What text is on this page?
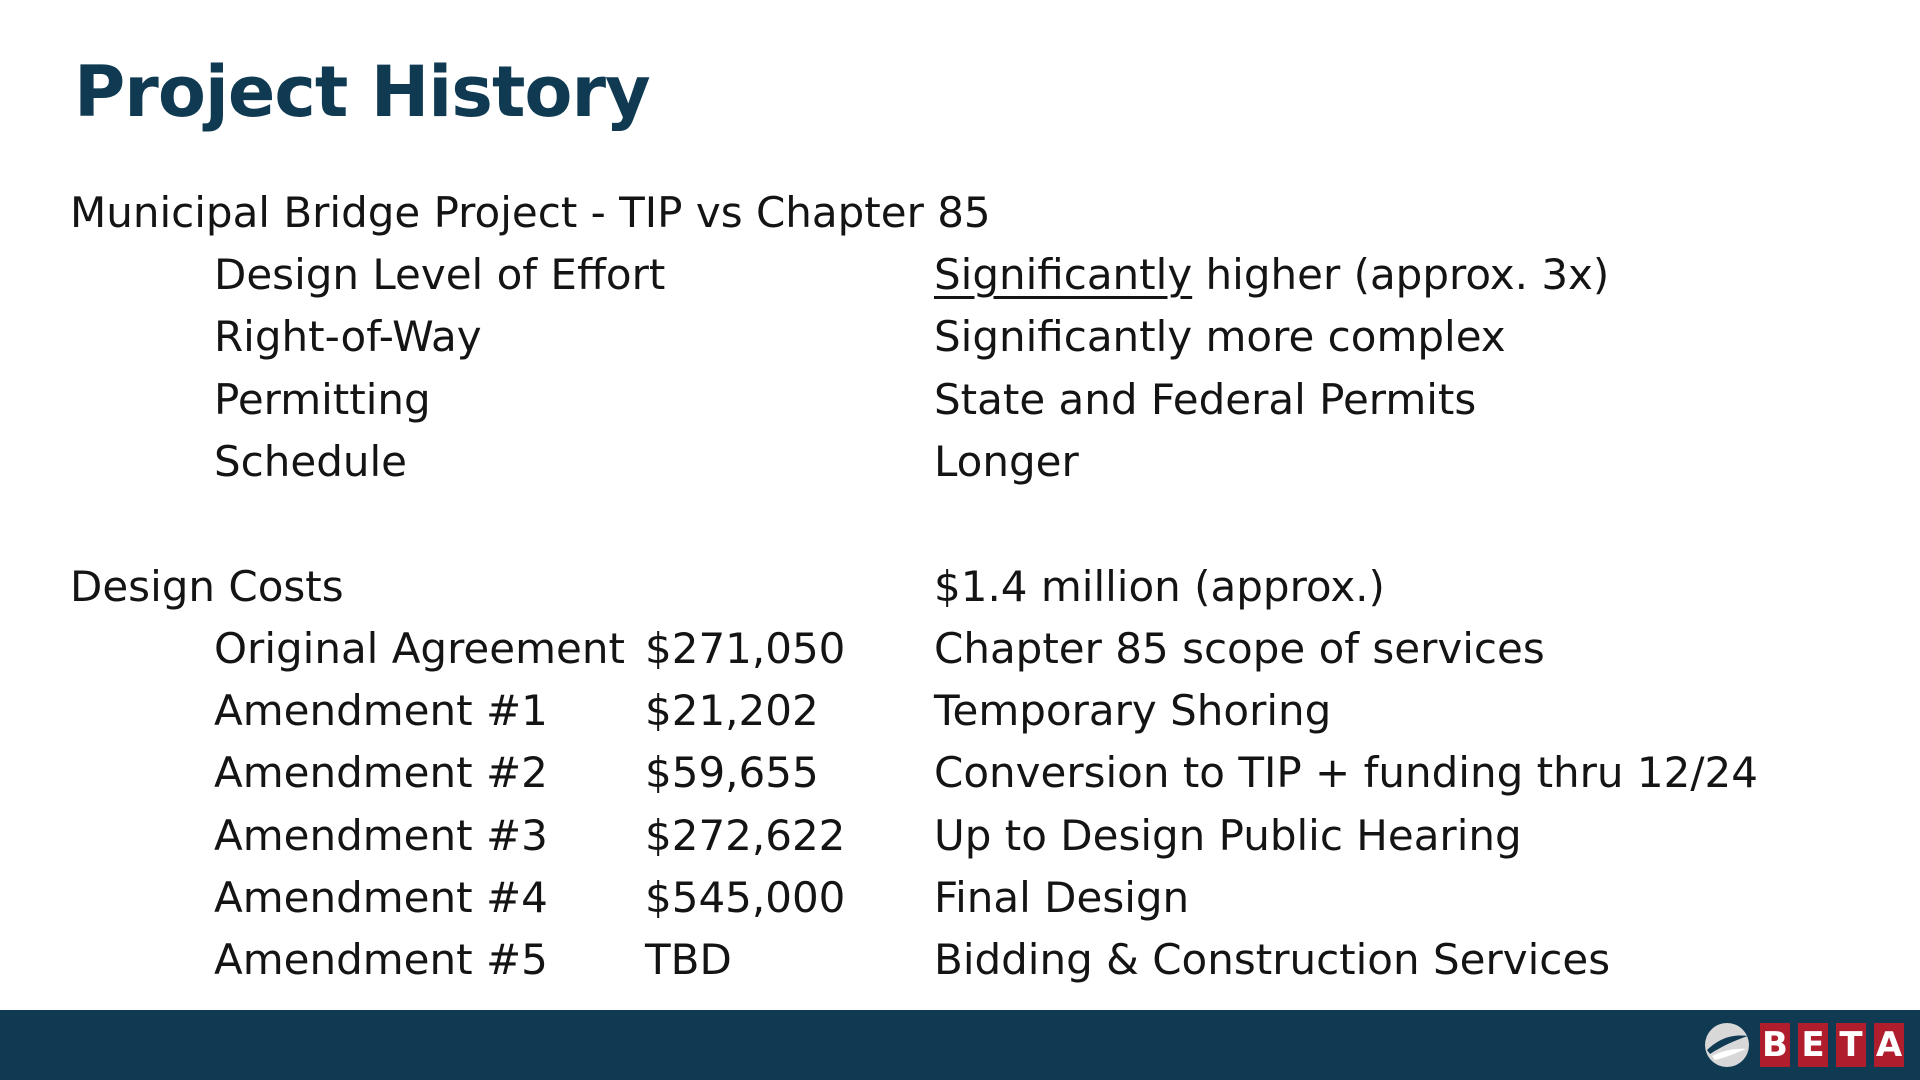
Project History
Municipal Bridge Project - TIP vs Chapter 85
Design Level of Effort	Significantly higher (approx. 3x)
Right-of-Way	Significantly more complex
Permitting	State and Federal Permits
Schedule	Longer
Design Costs	$1.4 million (approx.)
Original Agreement $271,050 Chapter 85 scope of services
Amendment #1 $21,202	Temporary Shoring
Amendment #2 $59,655	Conversion to TIP + funding thru 12/24
Amendment #3 $272,622 Up to Design Public Hearing
Amendment #4 $545,000 Final Design
Amendment #5 TBD	Bidding & Construction Services
B E T A
